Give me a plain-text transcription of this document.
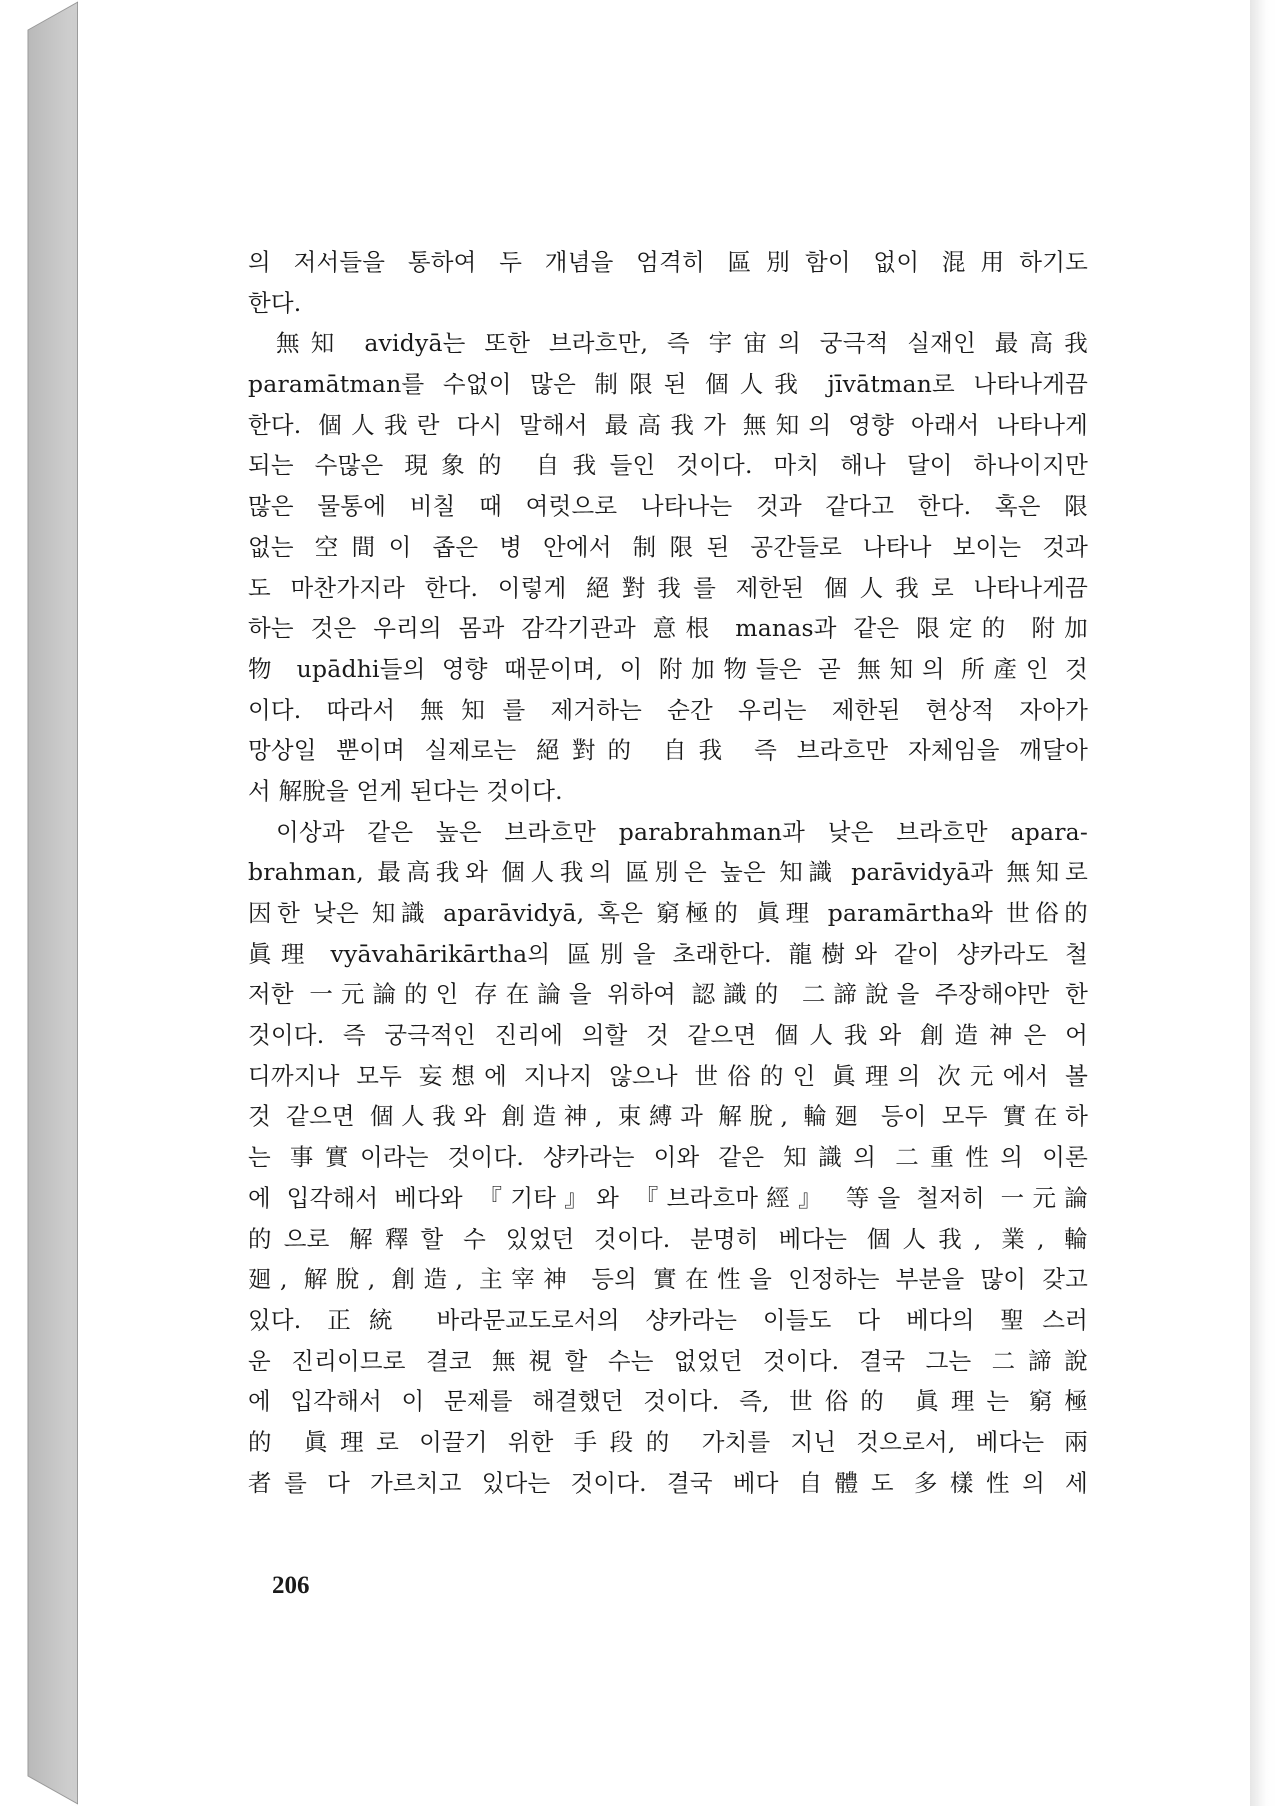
의 저서들을 통하여 두 개념을 엄격히 區別함이 없이 混用하기도
한다.
無知 avidyā는 또한 브라흐만, 즉 宇宙의 궁극적 실재인 最高我
paramātman를 수없이 많은 制限된 個人我 jīvātman로 나타나게끔
한다. 個人我란 다시 말해서 最高我가 無知의 영향 아래서 나타나게
되는 수많은 現象的 自我들인 것이다. 마치 해나 달이 하나이지만
많은 물통에 비칠 때 여럿으로 나타나는 것과 같다고 한다. 혹은 限
없는 空間이 좁은 병 안에서 制限된 공간들로 나타나 보이는 것과
도 마찬가지라 한다. 이렇게 絕對我를 제한된 個人我로 나타나게끔
하는 것은 우리의 몸과 감각기관과 意根 manas과 같은 限定的 附加
物 upādhi들의 영향 때문이며, 이 附加物들은 곧 無知의 所產인 것
이다. 따라서 無知를 제거하는 순간 우리는 제한된 현상적 자아가
망상일 뿐이며 실제로는 絕對的 自我 즉 브라흐만 자체임을 깨달아
서 解脫을 얻게 된다는 것이다.
이상과 같은 높은 브라흐만 parabrahman과 낮은 브라흐만 apara-
brahman, 最高我와 個人我의 區別은 높은 知識 parāvidyā과 無知로
因한 낮은 知識 aparāvidyā, 혹은 窮極的 眞理 paramārtha와 世俗的
眞理 vyāvahārikārtha의 區別을 초래한다. 龍樹와 같이 샹카라도 철
저한 一元論的인 存在論을 위하여 認識的 二諦說을 주장해야만 한
것이다. 즉 궁극적인 진리에 의할 것 같으면 個人我와 創造神은 어
디까지나 모두 妄想에 지나지 않으나 世俗的인 眞理의 次元에서 볼
것 같으면 個人我와 創造神, 束縛과 解脫, 輪廻 등이 모두 實在하
는 事實이라는 것이다. 샹카라는 이와 같은 知識의 二重性의 이론
에 입각해서 베다와 『기타』와 『브라흐마經』 等을 철저히 一元論
的으로 解釋할 수 있었던 것이다. 분명히 베다는 個人我, 業, 輪
廻, 解脫, 創造, 主宰神 등의 實在性을 인정하는 부분을 많이 갖고
있다. 正統 바라문교도로서의 샹카라는 이들도 다 베다의 聖스러
운 진리이므로 결코 無視할 수는 없었던 것이다. 결국 그는 二諦說
에 입각해서 이 문제를 해결했던 것이다. 즉, 世俗的 眞理는 窮極
的 眞理로 이끌기 위한 手段的 가치를 지닌 것으로서, 베다는 兩
者를 다 가르치고 있다는 것이다. 결국 베다 自體도 多樣性의 세
206
